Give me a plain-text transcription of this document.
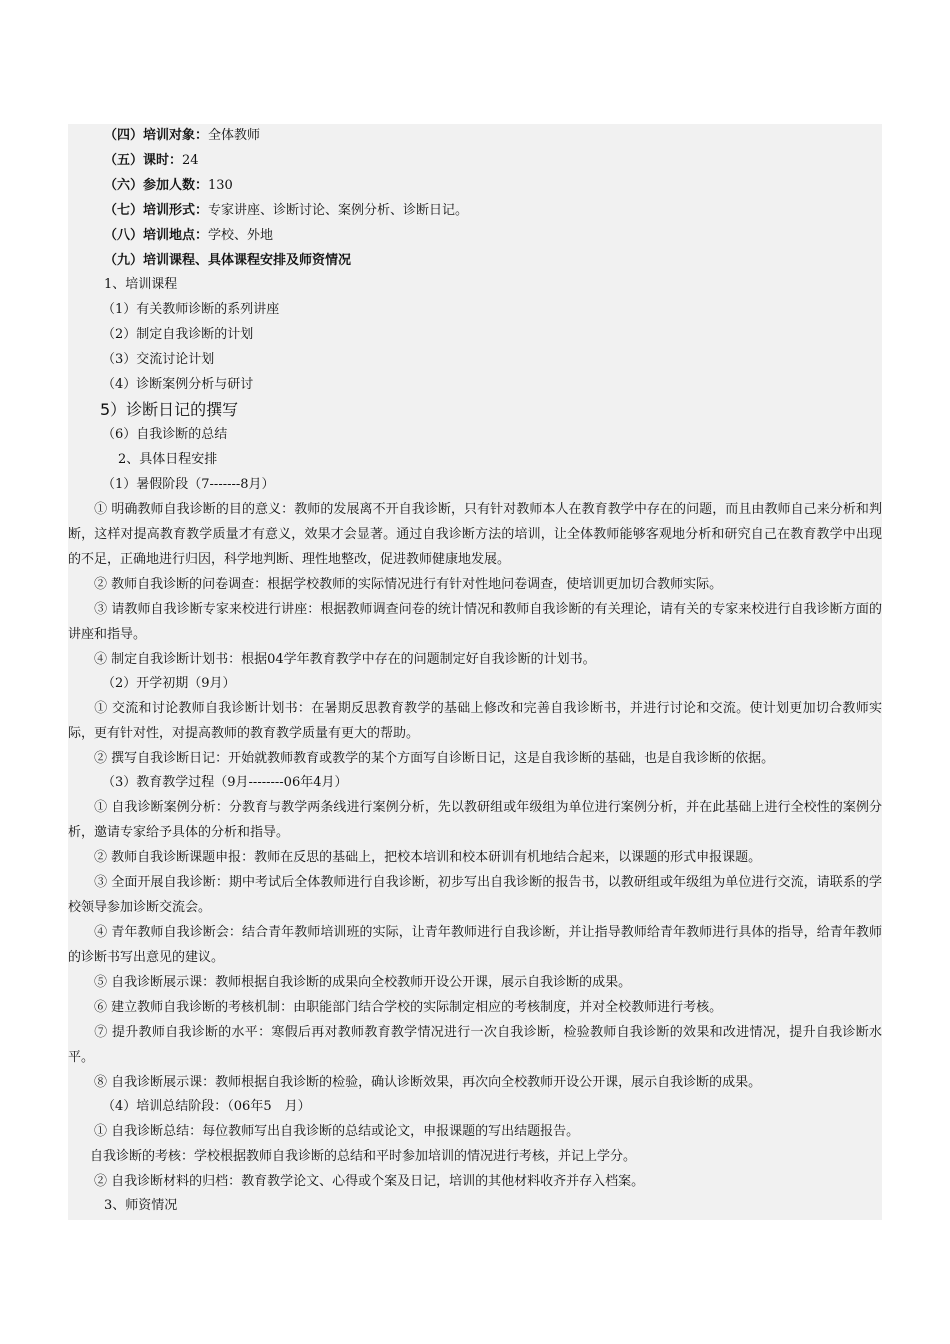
（四）培训对象：全体教师
（五）课时：24
（六）参加人数：130
（七）培训形式：专家讲座、诊断讨论、案例分析、诊断日记。
（八）培训地点：学校、外地
（九）培训课程、具体课程安排及师资情况
1、培训课程
（1）有关教师诊断的系列讲座
（2）制定自我诊断的计划
（3）交流讨论计划
（4）诊断案例分析与研讨
5）诊断日记的撰写
（6）自我诊断的总结
2、具体日程安排
（1）暑假阶段（7-------8月）
① 明确教师自我诊断的目的意义：教师的发展离不开自我诊断，只有针对教师本人在教育教学中存在的问题，而且由教师自己来分析和判断，这样对提高教育教学质量才有意义，效果才会显著。通过自我诊断方法的培训，让全体教师能够客观地分析和研究自己在教育教学中出现的不足，正确地进行归因，科学地判断、理性地整改，促进教师健康地发展。
② 教师自我诊断的问卷调查：根据学校教师的实际情况进行有针对性地问卷调查，使培训更加切合教师实际。
③ 请教师自我诊断专家来校进行讲座：根据教师调查问卷的统计情况和教师自我诊断的有关理论，请有关的专家来校进行自我诊断方面的讲座和指导。
④ 制定自我诊断计划书：根据04学年教育教学中存在的问题制定好自我诊断的计划书。
（2）开学初期（9月）
① 交流和讨论教师自我诊断计划书：在暑期反思教育教学的基础上修改和完善自我诊断书，并进行讨论和交流。使计划更加切合教师实际，更有针对性，对提高教师的教育教学质量有更大的帮助。
② 撰写自我诊断日记：开始就教师教育或教学的某个方面写自诊断日记，这是自我诊断的基础，也是自我诊断的依据。
（3）教育教学过程（9月--------06年4月）
① 自我诊断案例分析：分教育与教学两条线进行案例分析，先以教研组或年级组为单位进行案例分析，并在此基础上进行全校性的案例分析，邀请专家给予具体的分析和指导。
② 教师自我诊断课题申报：教师在反思的基础上，把校本培训和校本研训有机地结合起来，以课题的形式申报课题。
③ 全面开展自我诊断：期中考试后全体教师进行自我诊断，初步写出自我诊断的报告书，以教研组或年级组为单位进行交流，请联系的学校领导参加诊断交流会。
④ 青年教师自我诊断会：结合青年教师培训班的实际，让青年教师进行自我诊断，并让指导教师给青年教师进行具体的指导，给青年教师的诊断书写出意见的建议。
⑤ 自我诊断展示课：教师根据自我诊断的成果向全校教师开设公开课，展示自我诊断的成果。
⑥ 建立教师自我诊断的考核机制：由职能部门结合学校的实际制定相应的考核制度，并对全校教师进行考核。
⑦ 提升教师自我诊断的水平：寒假后再对教师教育教学情况进行一次自我诊断，检验教师自我诊断的效果和改进情况，提升自我诊断水平。
⑧ 自我诊断展示课：教师根据自我诊断的检验，确认诊断效果，再次向全校教师开设公开课，展示自我诊断的成果。
（4）培训总结阶段：（06年5　月）
① 自我诊断总结：每位教师写出自我诊断的总结或论文，申报课题的写出结题报告。
自我诊断的考核：学校根据教师自我诊断的总结和平时参加培训的情况进行考核，并记上学分。
② 自我诊断材料的归档：教育教学论文、心得或个案及日记，培训的其他材料收齐并存入档案。
3、师资情况
